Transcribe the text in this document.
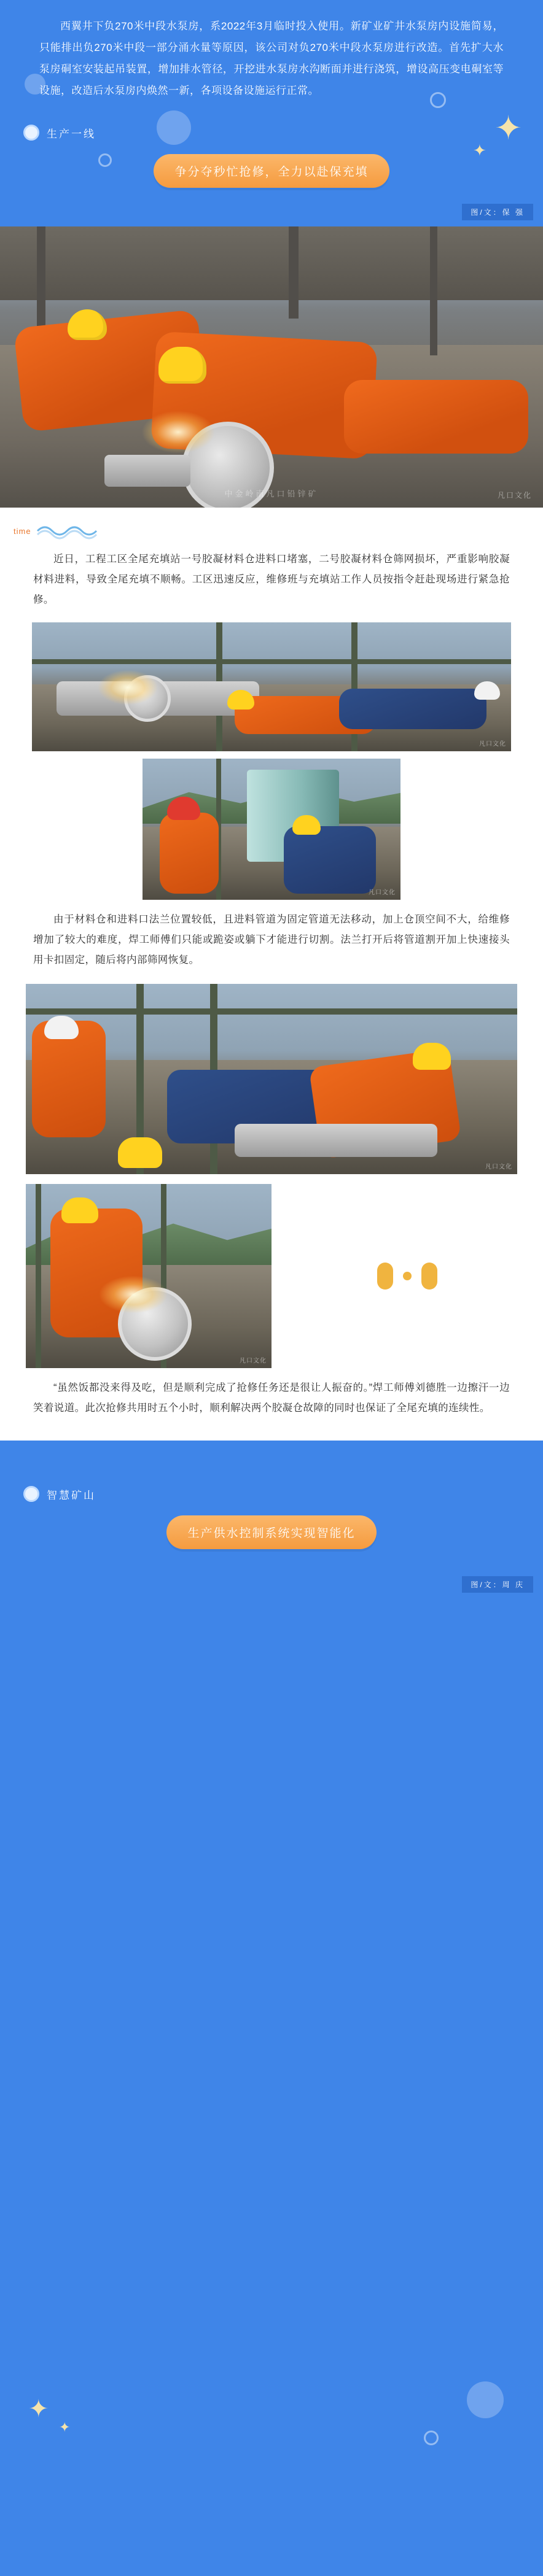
✦
✦

西翼井下负270米中段水泵房，系2022年3月临时投入使用。新矿业矿井水泵房内设施简易，只能排出负270米中段一部分涌水量等原因，该公司对负270米中段水泵房进行改造。首先扩大水泵房硐室安装起吊装置，增加排水管径，开挖进水泵房水沟断面并进行浇筑，增设高压变电硐室等设施，改造后水泵房内焕然一新，各项设备设施运行正常。

生产一线
争分夺秒忙抢修，全力以赴保充填
图/文：保 强
中金岭南凡口铅锌矿	凡口文化
time

近日，工程工区全尾充填站一号胶凝材料仓进料口堵塞，二号胶凝材料仓筛网损坏，严重影响胶凝材料进料，导致全尾充填不顺畅。工区迅速反应，维修班与充填站工作人员按指令赶赴现场进行紧急抢修。

凡口文化
凡口文化

由于材料仓和进料口法兰位置较低，且进料管道为固定管道无法移动，加上仓顶空间不大，给维修增加了较大的难度，焊工师傅们只能或跪姿或躺下才能进行切割。法兰打开后将管道割开加上快速接头用卡扣固定，随后将内部筛网恢复。

凡口文化
凡口文化

“虽然饭都没来得及吃，但是顺利完成了抢修任务还是很让人振奋的。”焊工师傅刘德胜一边擦汗一边笑着说道。此次抢修共用时五个小时，顺利解决两个胶凝仓故障的同时也保证了全尾充填的连续性。

✦
✦
智慧矿山
生产供水控制系统实现智能化
图/文：周 庆
